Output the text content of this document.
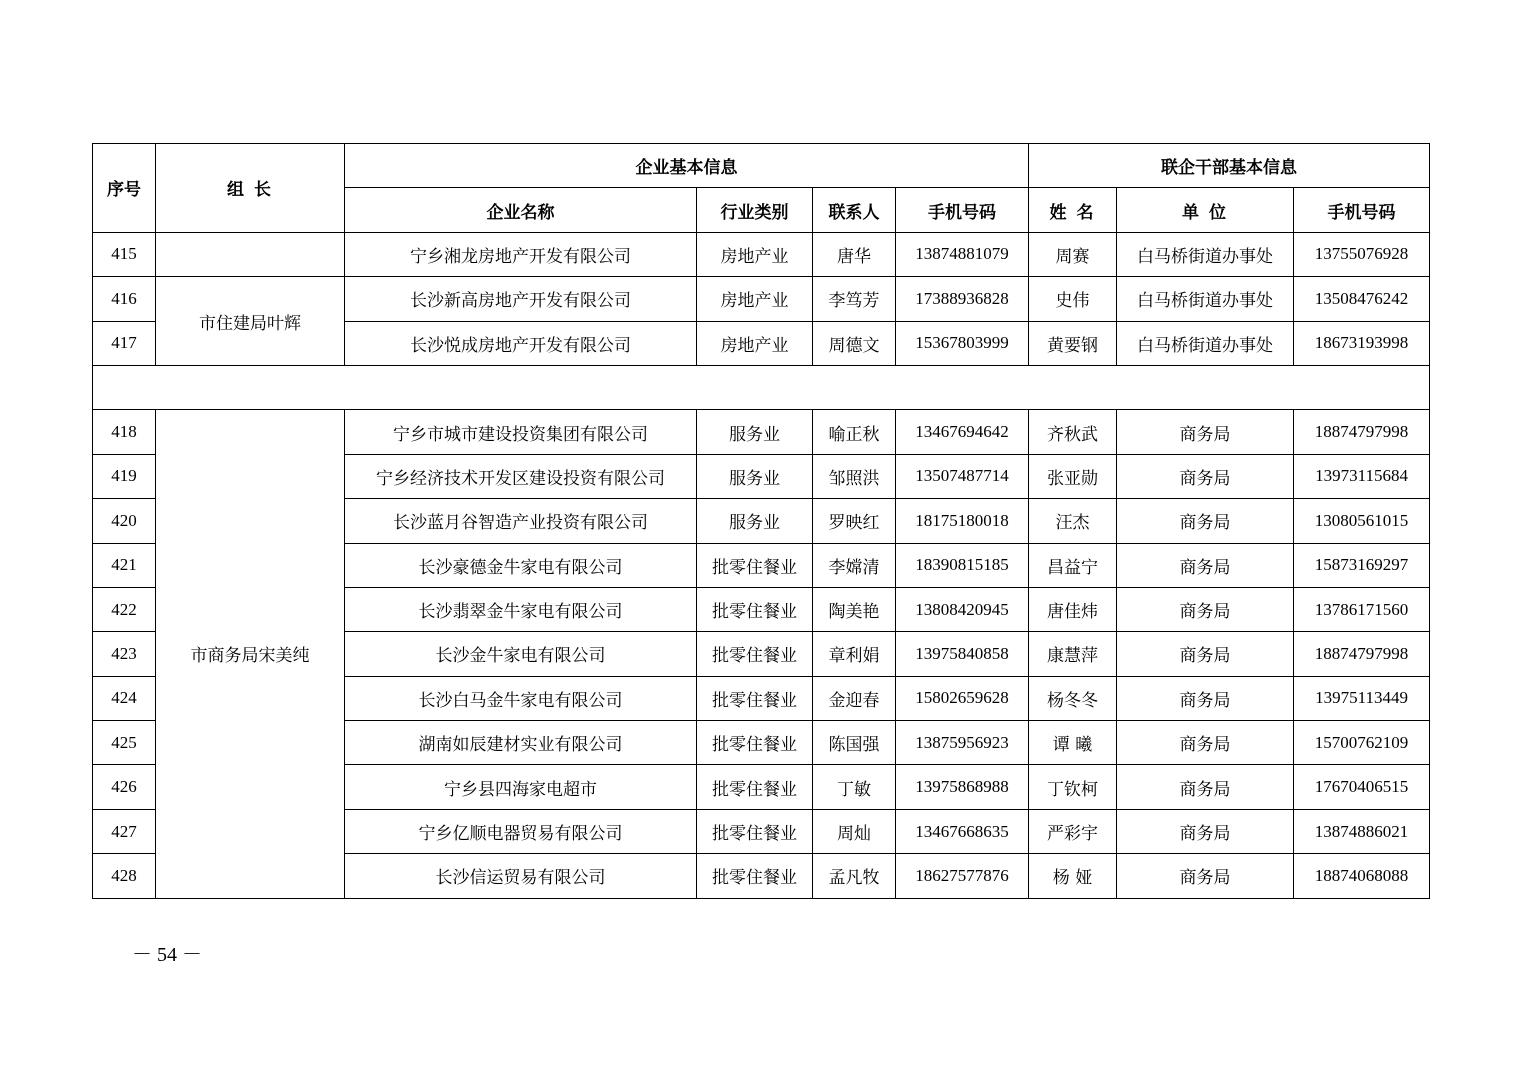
序号	组 长	企业基本信息				联企干部基本信息		
		企业名称	行业类别	联系人	手机号码	姓 名	单 位	手机号码
415		宁乡湘龙房地产开发有限公司	房地产业	唐华	13874881079	周赛	白马桥街道办事处	13755076928
416	市住建局叶辉	长沙新高房地产开发有限公司	房地产业	李笃芳	17388936828	史伟	白马桥街道办事处	13508476242
417		长沙悦成房地产开发有限公司	房地产业	周德文	15367803999	黄要钢	白马桥街道办事处	18673193998

418	市商务局宋美纯	宁乡市城市建设投资集团有限公司	服务业	喻正秋	13467694642	齐秋武	商务局	18874797998
419		宁乡经济技术开发区建设投资有限公司	服务业	邹照洪	13507487714	张亚勋	商务局	13973115684
420		长沙蓝月谷智造产业投资有限公司	服务业	罗映红	18175180018	汪杰	商务局	13080561015
421		长沙豪德金牛家电有限公司	批零住餐业	李嫦清	18390815185	昌益宁	商务局	15873169297
422		长沙翡翠金牛家电有限公司	批零住餐业	陶美艳	13808420945	唐佳炜	商务局	13786171560
423		长沙金牛家电有限公司	批零住餐业	章利娟	13975840858	康慧萍	商务局	18874797998
424		长沙白马金牛家电有限公司	批零住餐业	金迎春	15802659628	杨冬冬	商务局	13975113449
425		湖南如辰建材实业有限公司	批零住餐业	陈国强	13875956923	谭 曦	商务局	15700762109
426		宁乡县四海家电超市	批零住餐业	丁敏	13975868988	丁钦柯	商务局	17670406515
427		宁乡亿顺电器贸易有限公司	批零住餐业	周灿	13467668635	严彩宇	商务局	13874886021
428		长沙信运贸易有限公司	批零住餐业	孟凡牧	18627577876	杨 娅	商务局	18874068088
－ 54 －
